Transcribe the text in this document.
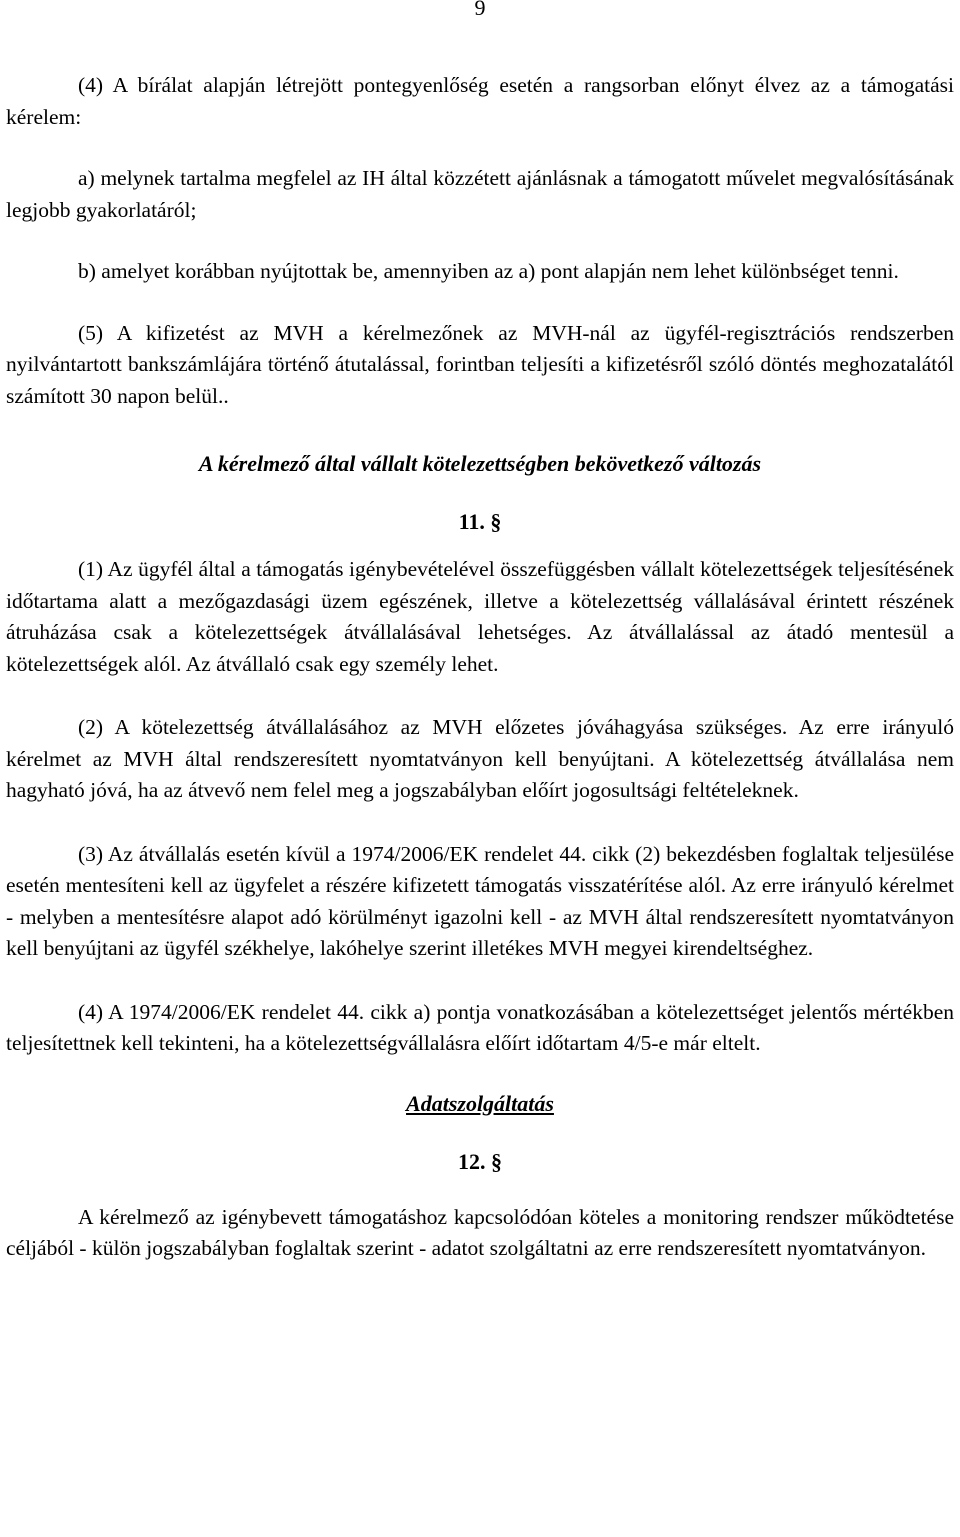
9

(4) A bírálat alapján létrejött pontegyenlőség esetén a rangsorban előnyt élvez az a támogatási kérelem:

a) melynek tartalma megfelel az IH által közzétett ajánlásnak a támogatott művelet megvalósításának legjobb gyakorlatáról;

b) amelyet korábban nyújtottak be, amennyiben az a) pont alapján nem lehet különbséget tenni.

(5) A kifizetést az MVH a kérelmezőnek az MVH-nál az ügyfél-regisztrációs rendszerben nyilvántartott bankszámlájára történő átutalással, forintban teljesíti a kifizetésről szóló döntés meghozatalától számított 30 napon belül..

A kérelmező által vállalt kötelezettségben bekövetkező változás

11. §

(1) Az ügyfél által a támogatás igénybevételével összefüggésben vállalt kötelezettségek teljesítésének időtartama alatt a mezőgazdasági üzem egészének, illetve a kötelezettség vállalásával érintett részének átruházása csak a kötelezettségek átvállalásával lehetséges. Az átvállalással az átadó mentesül a kötelezettségek alól. Az átvállaló csak egy személy lehet.

(2) A kötelezettség átvállalásához az MVH előzetes jóváhagyása szükséges. Az erre irányuló kérelmet az MVH által rendszeresített nyomtatványon kell benyújtani. A kötelezettség átvállalása nem hagyható jóvá, ha az átvevő nem felel meg a jogszabályban előírt jogosultsági feltételeknek.

(3) Az átvállalás esetén kívül a 1974/2006/EK rendelet 44. cikk (2) bekezdésben foglaltak teljesülése esetén mentesíteni kell az ügyfelet a részére kifizetett támogatás visszatérítése alól. Az erre irányuló kérelmet - melyben a mentesítésre alapot adó körülményt igazolni kell - az MVH által rendszeresített nyomtatványon kell benyújtani az ügyfél székhelye, lakóhelye szerint illetékes MVH megyei kirendeltséghez.

(4) A 1974/2006/EK rendelet 44. cikk a) pontja vonatkozásában a kötelezettséget jelentős mértékben teljesítettnek kell tekinteni, ha a kötelezettségvállalásra előírt időtartam 4/5-e már eltelt.

Adatszolgáltatás

12. §

A kérelmező az igénybevett támogatáshoz kapcsolódóan köteles a monitoring rendszer működtetése céljából - külön jogszabályban foglaltak szerint - adatot szolgáltatni az erre rendszeresített nyomtatványon.
